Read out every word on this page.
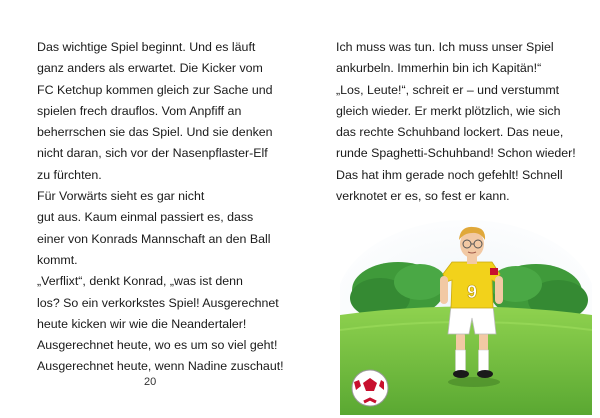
Das wichtige Spiel beginnt. Und es läuft
ganz anders als erwartet. Die Kicker vom
FC Ketchup kommen gleich zur Sache und
spielen frech drauflos. Vom Anpfiff an
beherrschen sie das Spiel. Und sie denken
nicht daran, sich vor der Nasenpflaster-Elf
zu fürchten.
Für Vorwärts sieht es gar nicht
gut aus. Kaum einmal passiert es, dass
einer von Konrads Mannschaft an den Ball
kommt.
„Verflixt“, denkt Konrad, „was ist denn
los? So ein verkorkstes Spiel! Ausgerechnet
heute kicken wir wie die Neandertaler!
Ausgerechnet heute, wo es um so viel geht!
Ausgerechnet heute, wenn Nadine zuschaut!
20
Ich muss was tun. Ich muss unser Spiel
ankurbeln. Immerhin bin ich Kapitän!“
„Los, Leute!“, schreit er – und verstummt
gleich wieder. Er merkt plötzlich, wie sich
das rechte Schuhband lockert. Das neue,
runde Spaghetti-Schuhband! Schon wieder!
Das hat ihm gerade noch gefehlt! Schnell
verknotet er es, so fest er kann.
9
